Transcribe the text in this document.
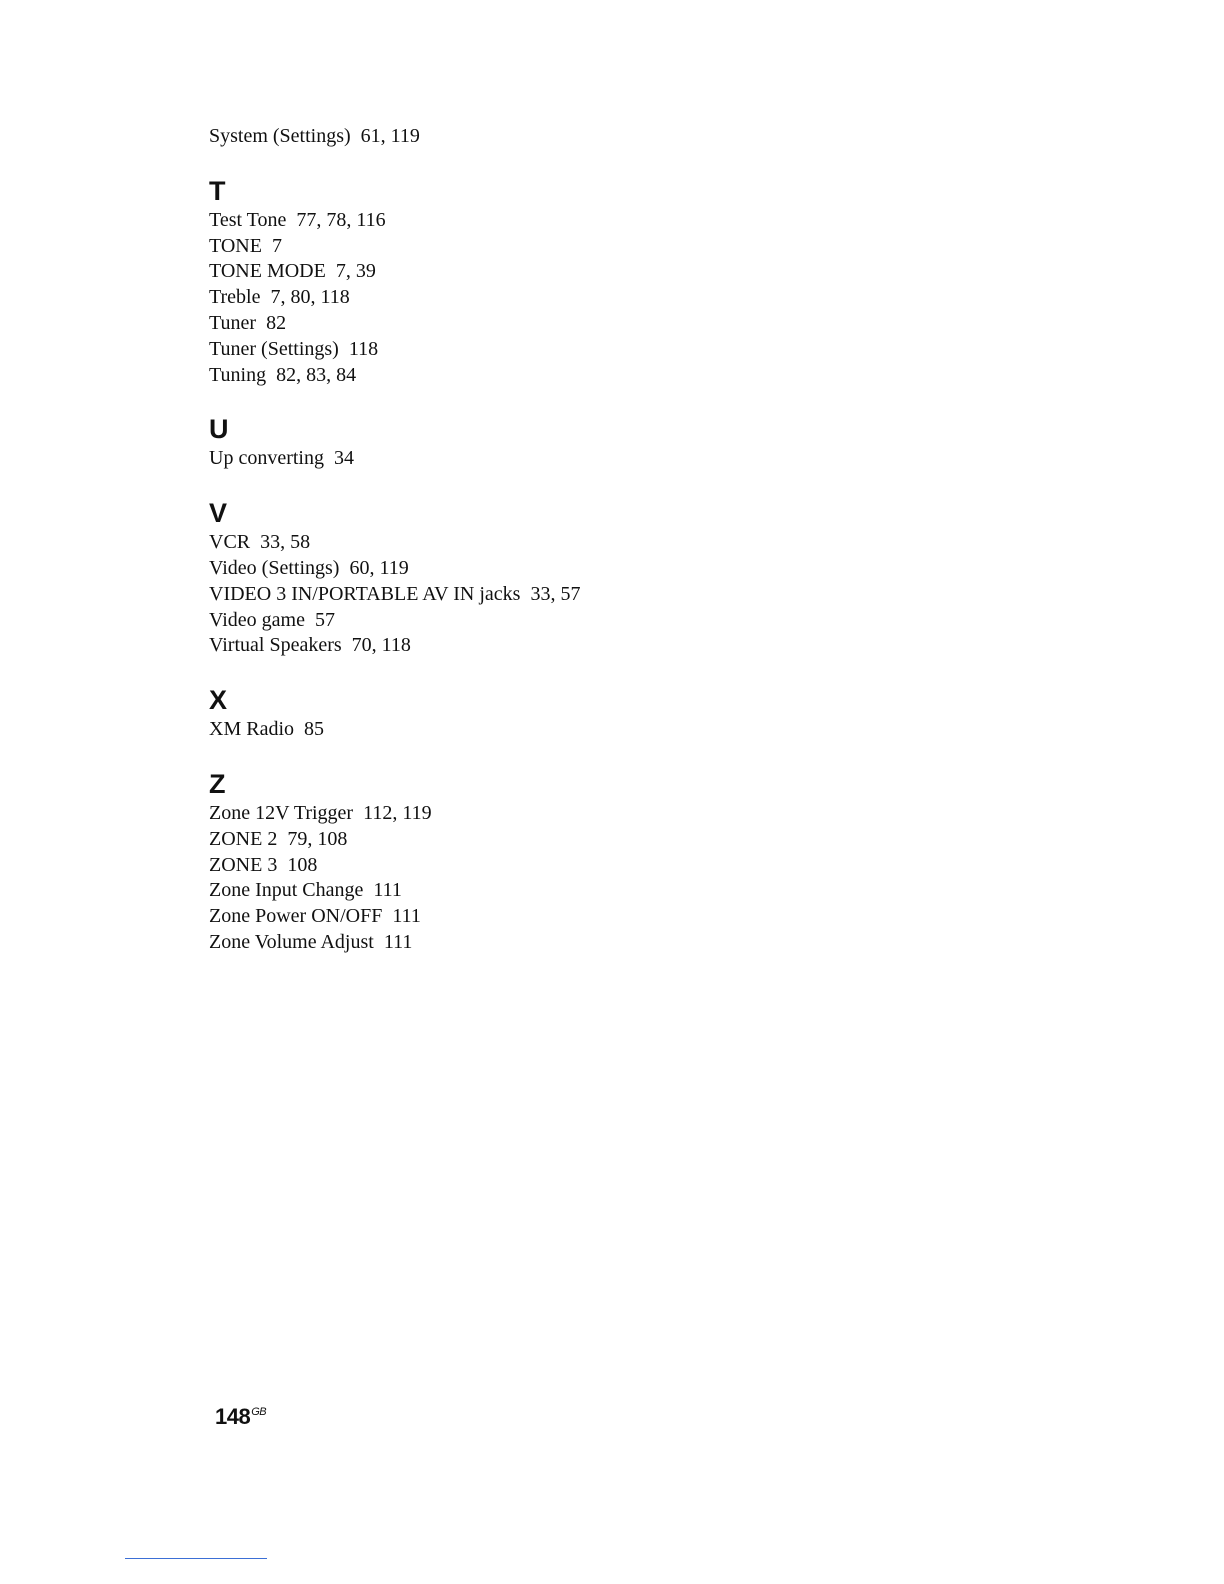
System (Settings) 61, 119
T
Test Tone 77, 78, 116
TONE 7
TONE MODE 7, 39
Treble 7, 80, 118
Tuner 82
Tuner (Settings) 118
Tuning 82, 83, 84
U
Up converting 34
V
VCR 33, 58
Video (Settings) 60, 119
VIDEO 3 IN/PORTABLE AV IN jacks 33, 57
Video game 57
Virtual Speakers 70, 118
X
XM Radio 85
Z
Zone 12V Trigger 112, 119
ZONE 2 79, 108
ZONE 3 108
Zone Input Change 111
Zone Power ON/OFF 111
Zone Volume Adjust 111
$148^{GB}$
